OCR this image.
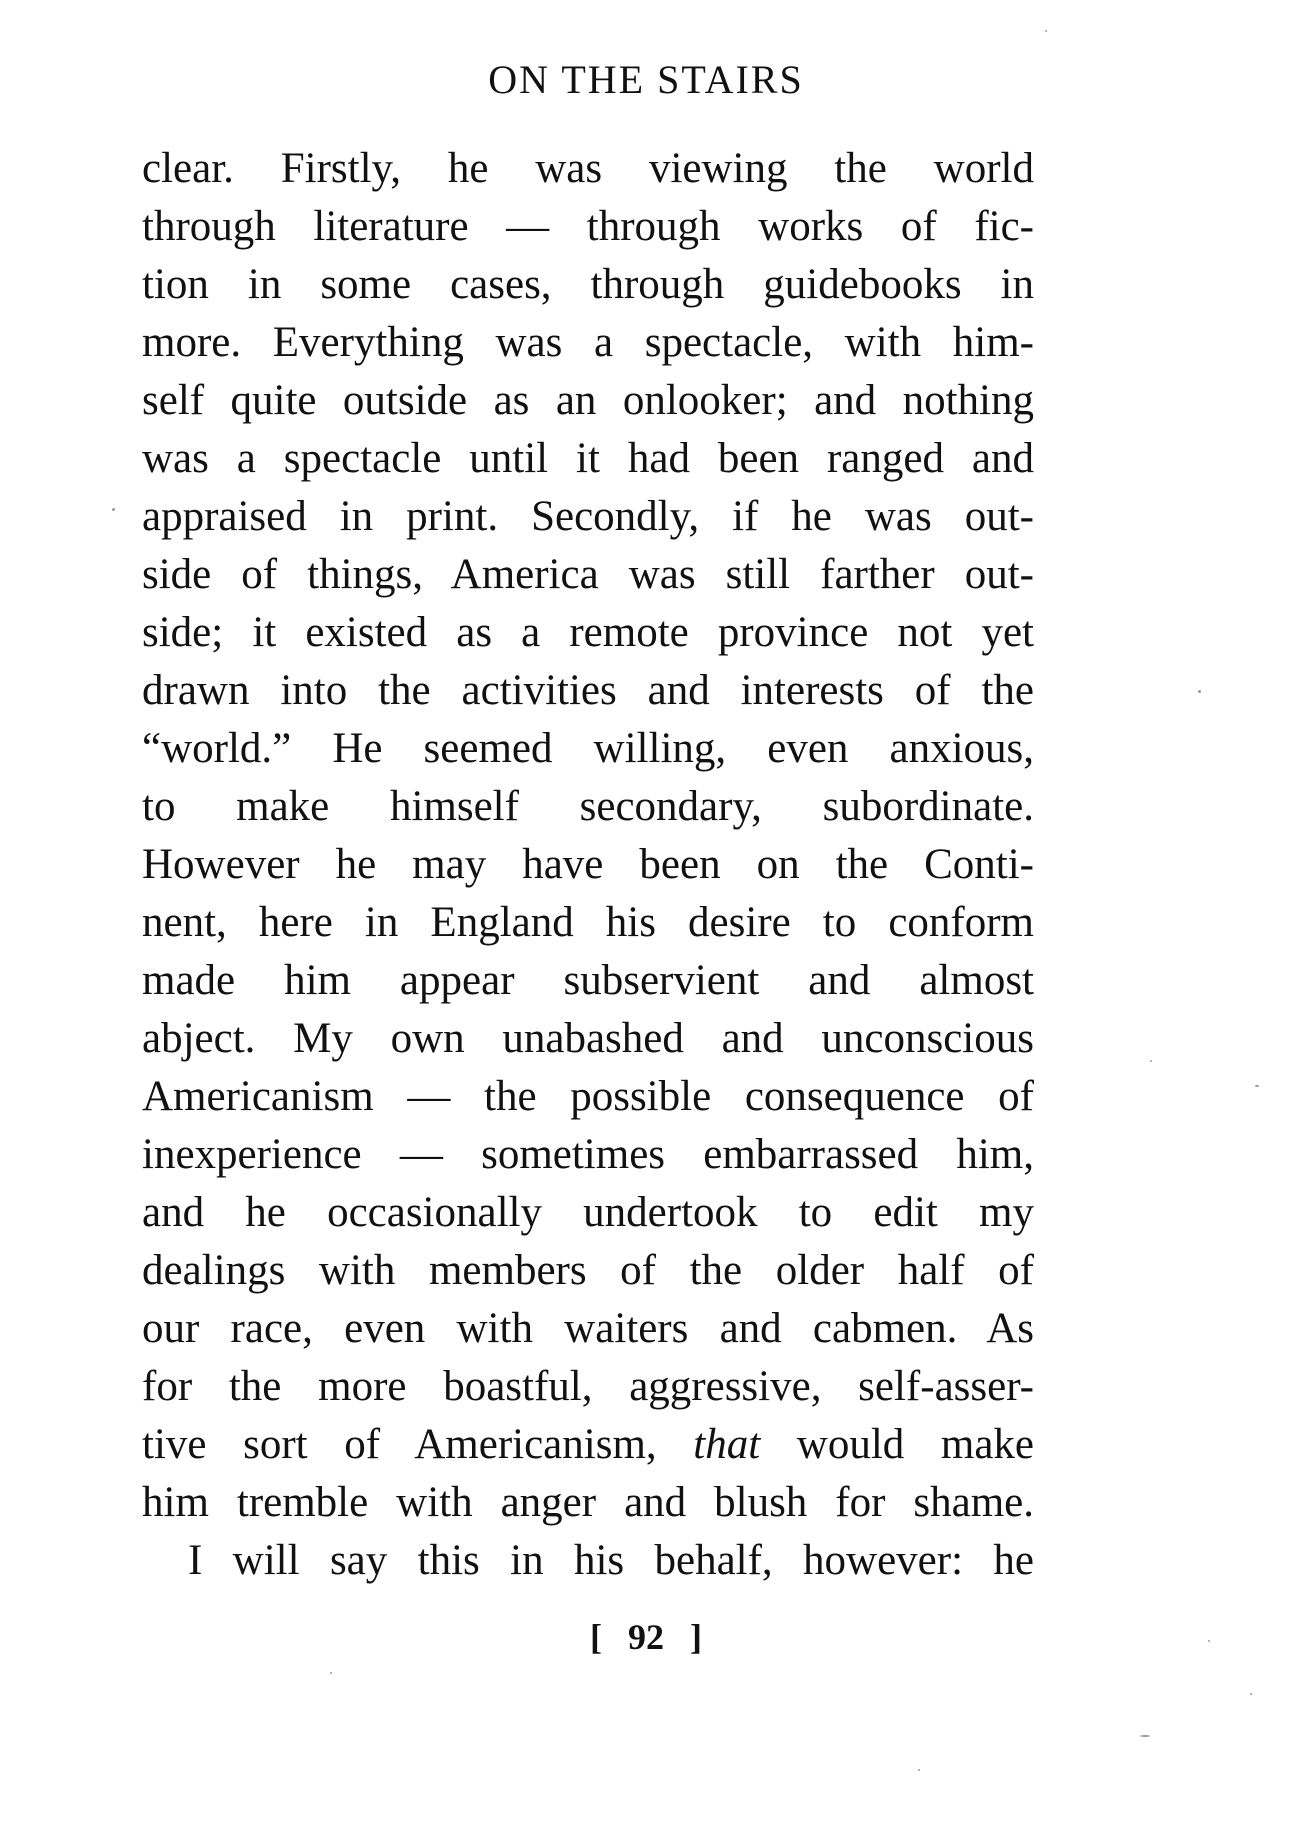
ON THE STAIRS
clear. Firstly, he was viewing the world
through literature — through works of fic-
tion in some cases, through guidebooks in
more. Everything was a spectacle, with him-
self quite outside as an onlooker; and nothing
was a spectacle until it had been ranged and
appraised in print. Secondly, if he was out-
side of things, America was still farther out-
side; it existed as a remote province not yet
drawn into the activities and interests of the
“world.” He seemed willing, even anxious,
to make himself secondary, subordinate.
However he may have been on the Conti-
nent, here in England his desire to conform
made him appear subservient and almost
abject. My own unabashed and unconscious
Americanism — the possible consequence of
inexperience — sometimes embarrassed him,
and he occasionally undertook to edit my
dealings with members of the older half of
our race, even with waiters and cabmen. As
for the more boastful, aggressive, self-asser-
tive sort of Americanism, that would make
him tremble with anger and blush for shame.
I will say this in his behalf, however: he
[ 92 ]
